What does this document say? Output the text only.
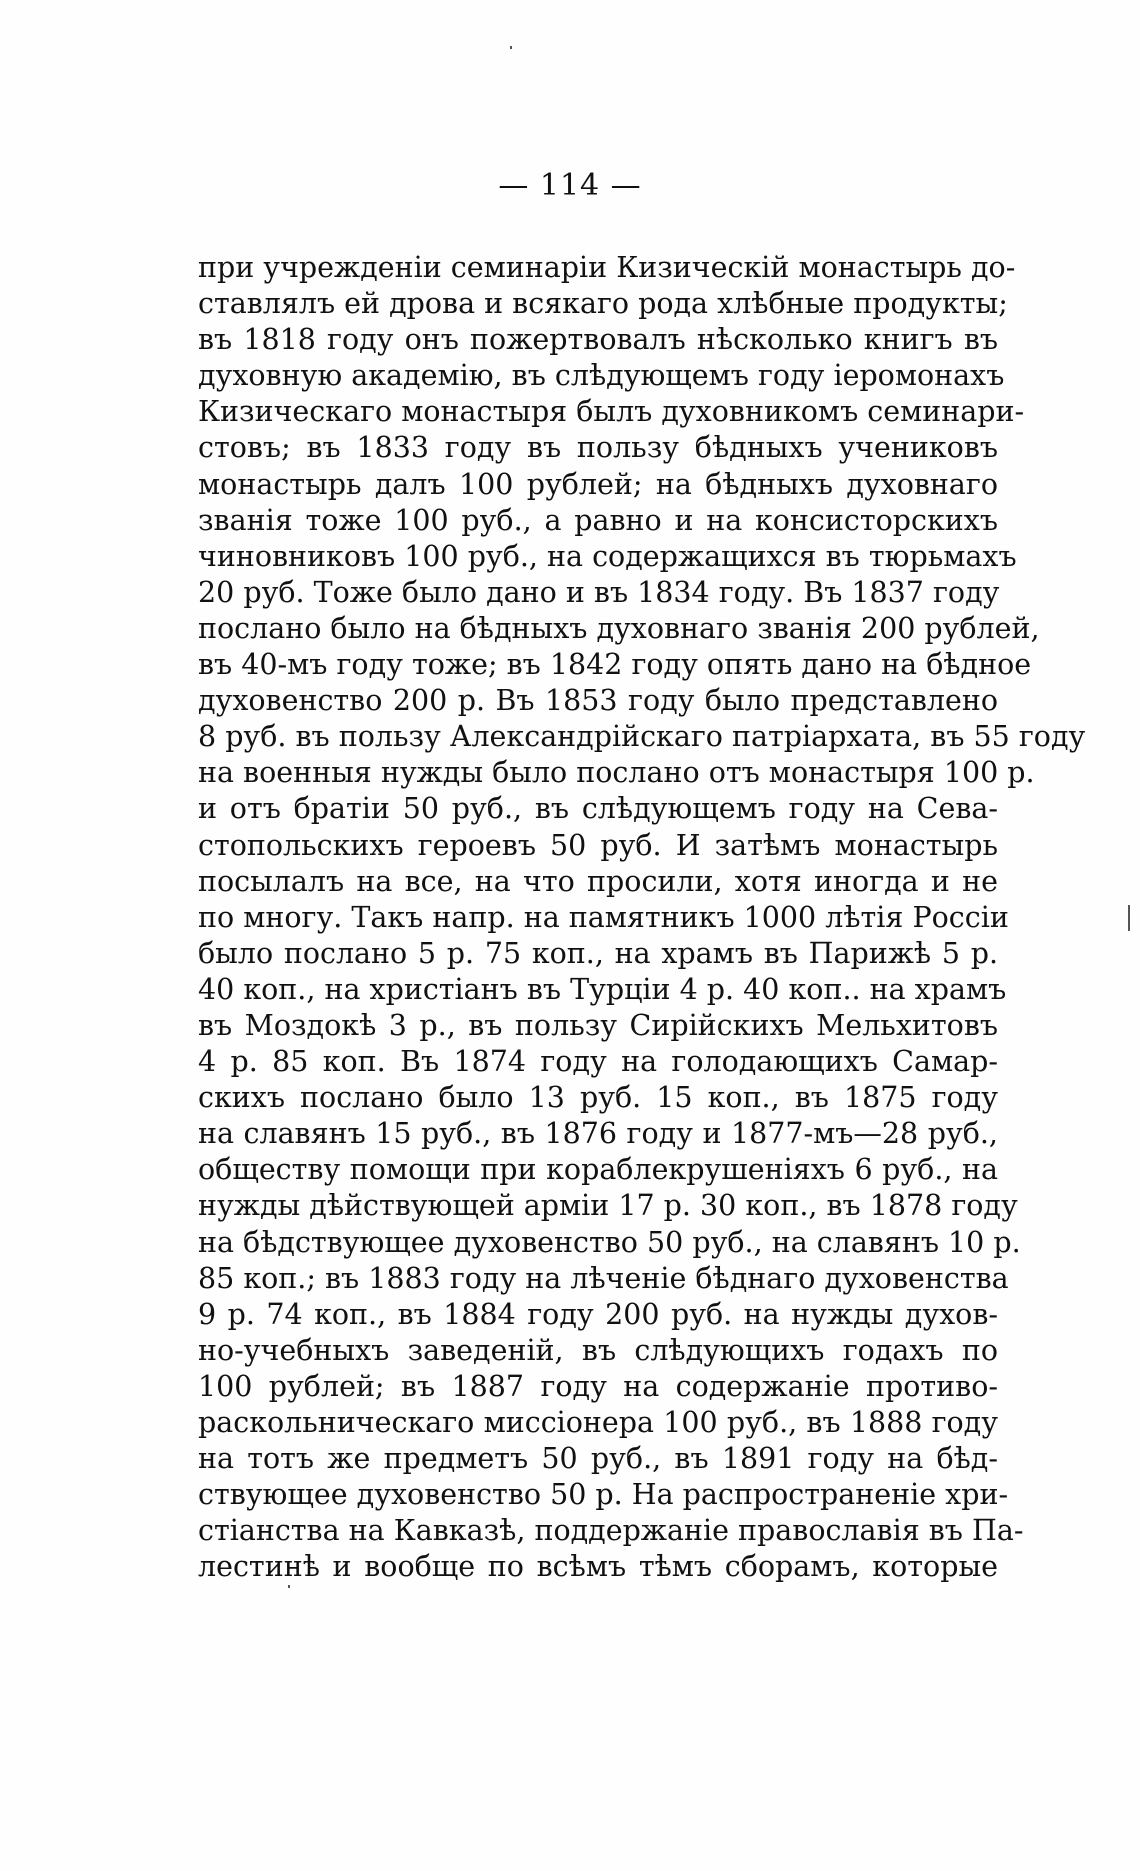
— 114 —
при учрежденіи семинаріи Кизическій монастырь до-
ставлялъ ей дрова и всякаго рода хлѣбные продукты;
въ 1818 году онъ пожертвовалъ нѣсколько книгъ въ
духовную академію, въ слѣдующемъ году іеромонахъ
Кизическаго монастыря былъ духовникомъ семинари-
стовъ; въ 1833 году въ пользу бѣдныхъ учениковъ
монастырь далъ 100 рублей; на бѣдныхъ духовнаго
званія тоже 100 руб., а равно и на консисторскихъ
чиновниковъ 100 руб., на содержащихся въ тюрьмахъ
20 руб. Тоже было дано и въ 1834 году. Въ 1837 году
послано было на бѣдныхъ духовнаго званія 200 рублей,
въ 40-мъ году тоже; въ 1842 году опять дано на бѣдное
духовенство 200 р. Въ 1853 году было представлено
8 руб. въ пользу Александрійскаго патріархата, въ 55 году
на военныя нужды было послано отъ монастыря 100 р.
и отъ братіи 50 руб., въ слѣдующемъ году на Сева-
стопольскихъ героевъ 50 руб. И затѣмъ монастырь
посылалъ на все, на что просили, хотя иногда и не
по многу. Такъ напр. на памятникъ 1000 лѣтія Россіи
было послано 5 р. 75 коп., на храмъ въ Парижѣ 5 р.
40 коп., на христіанъ въ Турціи 4 р. 40 коп.. на храмъ
въ Моздокѣ 3 р., въ пользу Сирійскихъ Мельхитовъ
4 р. 85 коп. Въ 1874 году на голодающихъ Самар-
скихъ послано было 13 руб. 15 коп., въ 1875 году
на славянъ 15 руб., въ 1876 году и 1877-мъ—28 руб.,
обществу помощи при кораблекрушеніяхъ 6 руб., на
нужды дѣйствующей арміи 17 р. 30 коп., въ 1878 году
на бѣдствующее духовенство 50 руб., на славянъ 10 р.
85 коп.; въ 1883 году на лѣченіе бѣднаго духовенства
9 р. 74 коп., въ 1884 году 200 руб. на нужды духов-
но-учебныхъ заведеній, въ слѣдующихъ годахъ по
100 рублей; въ 1887 году на содержаніе противо-
раскольническаго миссіонера 100 руб., въ 1888 году
на тотъ же предметъ 50 руб., въ 1891 году на бѣд-
ствующее духовенство 50 р. На распространеніе хри-
стіанства на Кавказѣ, поддержаніе православія въ Па-
лестинѣ и вообще по всѣмъ тѣмъ сборамъ, которые
